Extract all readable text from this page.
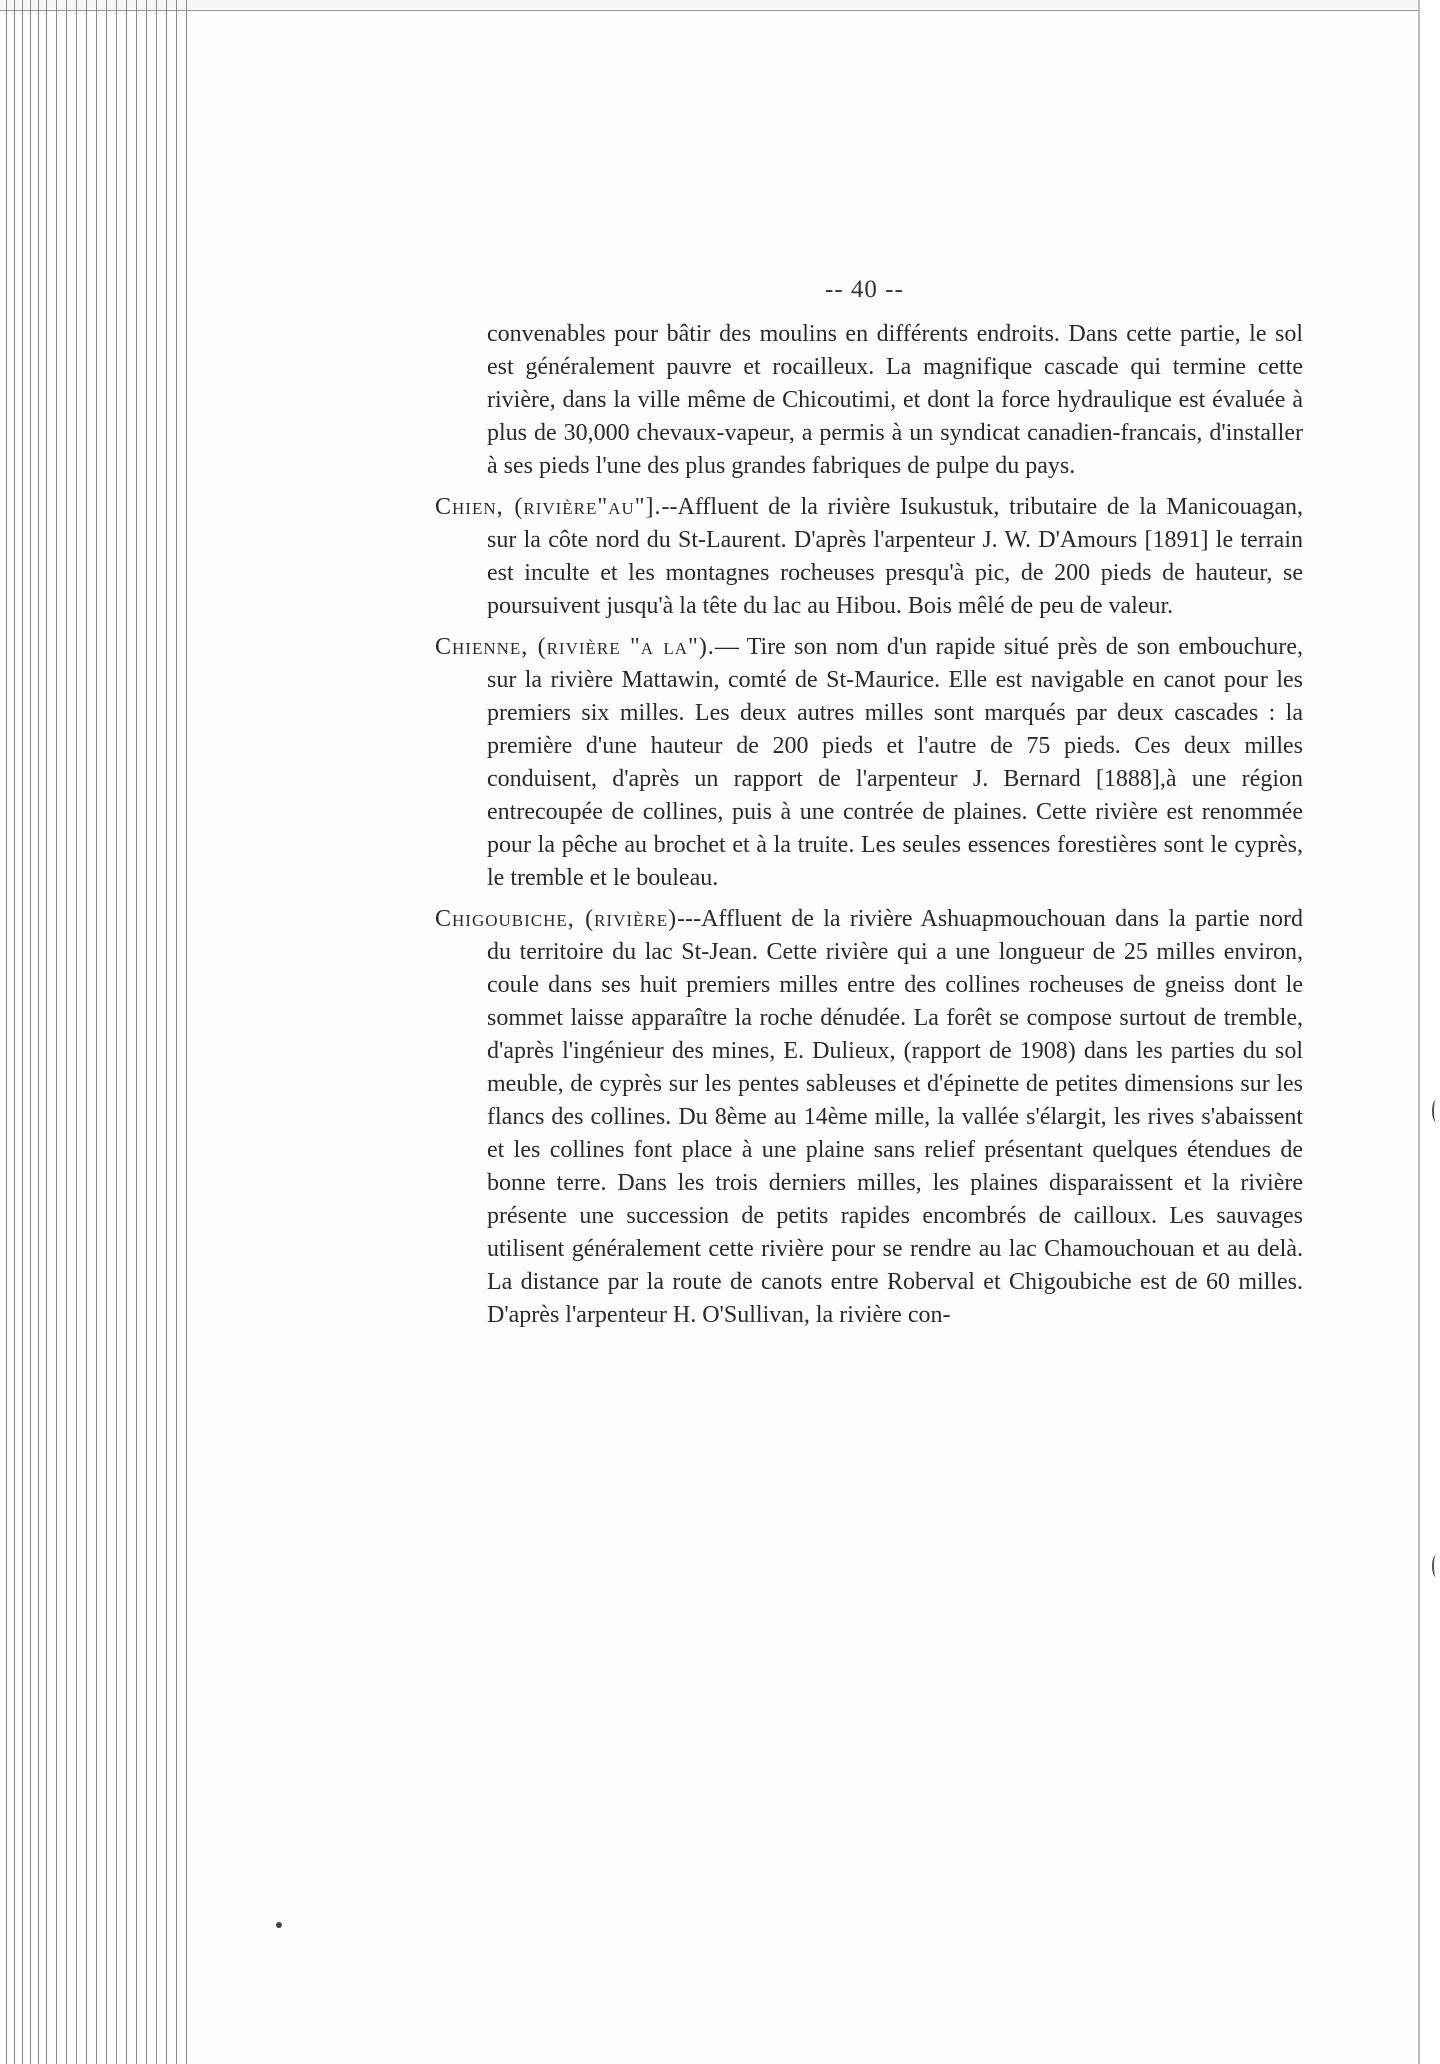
-- 40 --

convenables pour bâtir des moulins en différents endroits. Dans cette partie, le sol est généralement pauvre et rocailleux. La magnifique cascade qui termine cette rivière, dans la ville même de Chicoutimi, et dont la force hydraulique est évaluée à plus de 30,000 chevaux-vapeur, a permis à un syndicat canadien-francais, d'installer à ses pieds l'une des plus grandes fabriques de pulpe du pays.

Chien, (rivière"au"].--Affluent de la rivière Isukustuk, tributaire de la Manicouagan, sur la côte nord du St-Laurent. D'après l'arpenteur J. W. D'Amours [1891] le terrain est inculte et les montagnes rocheuses presqu'à pic, de 200 pieds de hauteur, se poursuivent jusqu'à la tête du lac au Hibou. Bois mêlé de peu de valeur.

Chienne, (rivière "a la").— Tire son nom d'un rapide situé près de son embouchure, sur la rivière Mattawin, comté de St-Maurice. Elle est navigable en canot pour les premiers six milles. Les deux autres milles sont marqués par deux cascades : la première d'une hauteur de 200 pieds et l'autre de 75 pieds. Ces deux milles conduisent, d'après un rapport de l'arpenteur J. Bernard [1888],à une région entrecoupée de collines, puis à une contrée de plaines. Cette rivière est renommée pour la pêche au brochet et à la truite. Les seules essences forestières sont le cyprès, le tremble et le bouleau.

Chigoubiche, (rivière)---Affluent de la rivière Ashuapmouchouan dans la partie nord du territoire du lac St-Jean. Cette rivière qui a une longueur de 25 milles environ, coule dans ses huit premiers milles entre des collines rocheuses de gneiss dont le sommet laisse apparaître la roche dénudée. La forêt se compose surtout de tremble, d'après l'ingénieur des mines, E. Dulieux, (rapport de 1908) dans les parties du sol meuble, de cyprès sur les pentes sableuses et d'épinette de petites dimensions sur les flancs des collines. Du 8ème au 14ème mille, la vallée s'élargit, les rives s'abaissent et les collines font place à une plaine sans relief présentant quelques étendues de bonne terre. Dans les trois derniers milles, les plaines disparaissent et la rivière présente une succession de petits rapides encombrés de cailloux. Les sauvages utilisent généralement cette rivière pour se rendre au lac Chamouchouan et au delà. La distance par la route de canots entre Roberval et Chigoubiche est de 60 milles. D'après l'arpenteur H. O'Sullivan, la rivière con-
